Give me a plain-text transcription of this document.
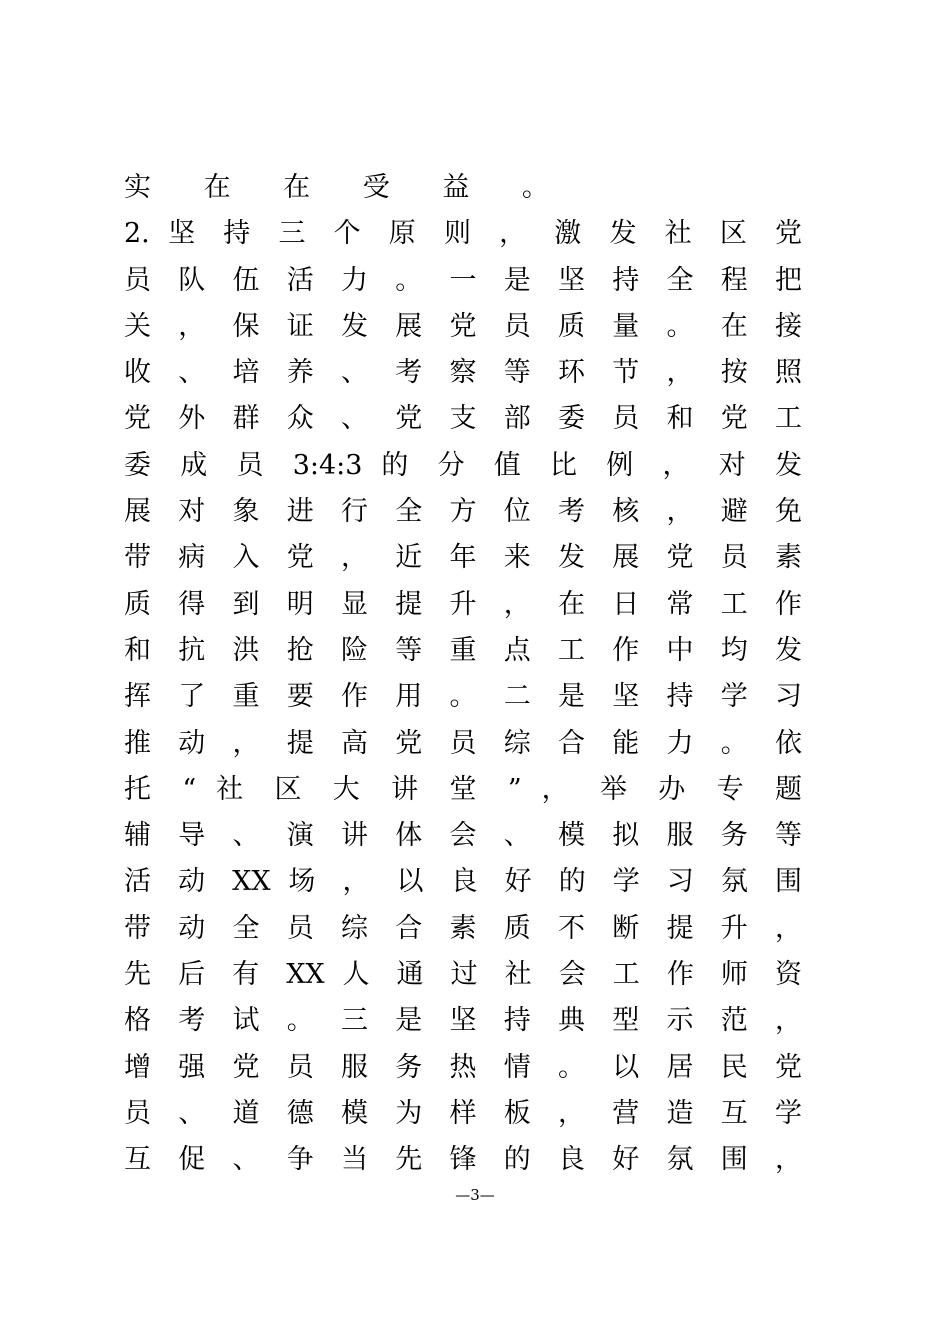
实 在 在 受 益 。
2. 坚 持 三 个 原 则 ， 激 发 社 区 党
员 队 伍 活 力 。 一 是 坚 持 全 程 把
关 ， 保 证 发 展 党 员 质 量 。 在 接
收 、 培 养 、 考 察 等 环 节 ， 按 照
党 外 群 众 、 党 支 部 委 员 和 党 工
委 成 员 3:4:3 的 分 值 比 例 ， 对 发
展 对 象 进 行 全 方 位 考 核 ， 避 免
带 病 入 党 ， 近 年 来 发 展 党 员 素
质 得 到 明 显 提 升 ， 在 日 常 工 作
和 抗 洪 抢 险 等 重 点 工 作 中 均 发
挥 了 重 要 作 用 。 二 是 坚 持 学 习
推 动 ， 提 高 党 员 综 合 能 力 。 依
托 “ 社 区 大 讲 堂 ” ， 举 办 专 题
辅 导 、 演 讲 体 会 、 模 拟 服 务 等
活 动 XX 场 ， 以 良 好 的 学 习 氛 围
带 动 全 员 综 合 素 质 不 断 提 升 ，
先 后 有 XX 人 通 过 社 会 工 作 师 资
格 考 试 。 三 是 坚 持 典 型 示 范 ，
增 强 党 员 服 务 热 情 。 以 居 民 党
员 、 道 德 模 为 样 板 ， 营 造 互 学
互 促 、 争 当 先 锋 的 良 好 氛 围 ，
—3—
